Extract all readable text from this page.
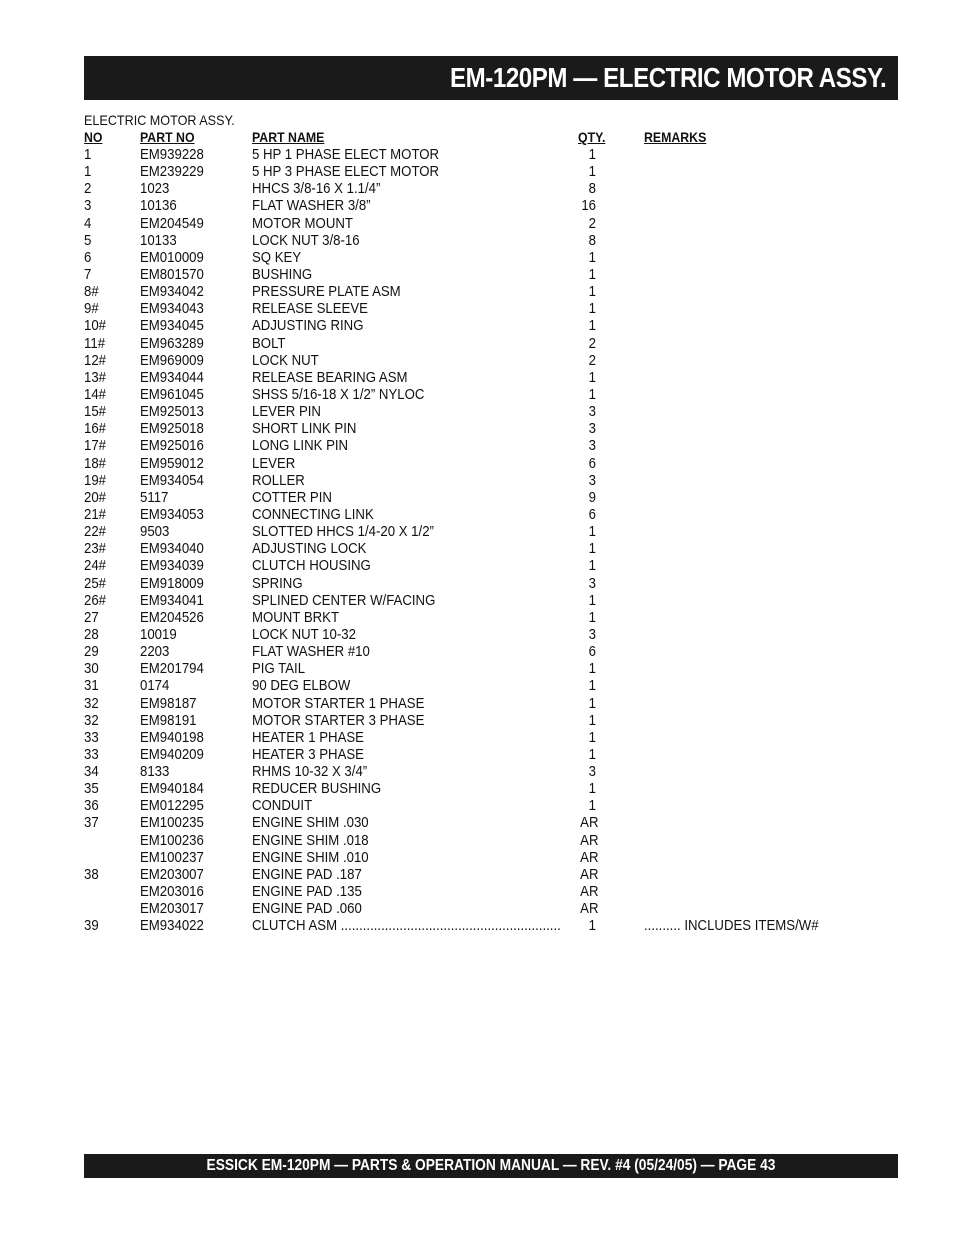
EM-120PM — ELECTRIC MOTOR ASSY.
ELECTRIC MOTOR ASSY.
NO	PART NO	PART NAME	QTY.	REMARKS
1	EM939228	5 HP 1 PHASE ELECT MOTOR	1
1	EM239229	5 HP 3 PHASE ELECT MOTOR	1
2	1023	HHCS 3/8-16 X 1.1/4”	8
3	10136	FLAT WASHER 3/8”	16
4	EM204549	MOTOR MOUNT	2
5	10133	LOCK NUT 3/8-16	8
6	EM010009	SQ KEY	1
7	EM801570	BUSHING	1
8#	EM934042	PRESSURE PLATE ASM	1
9#	EM934043	RELEASE SLEEVE	1
10# EM934045	ADJUSTING RING	1
11# EM963289	BOLT	2
12# EM969009	LOCK NUT	2
13# EM934044	RELEASE BEARING ASM	1
14# EM961045	SHSS 5/16-18 X 1/2” NYLOC	1
15# EM925013	LEVER PIN	3
16# EM925018	SHORT LINK PIN	3
17# EM925016	LONG LINK PIN	3
18# EM959012	LEVER	6
19# EM934054	ROLLER	3
20# 5117	COTTER PIN	9
21# EM934053	CONNECTING LINK	6
22# 9503	SLOTTED HHCS 1/4-20 X 1/2”	1
23# EM934040	ADJUSTING LOCK	1
24# EM934039	CLUTCH HOUSING	1
25# EM918009	SPRING	3
26# EM934041	SPLINED CENTER W/FACING	1
27	EM204526	MOUNT BRKT	1
28	10019	LOCK NUT 10-32	3
29	2203	FLAT WASHER #10	6
30	EM201794	PIG TAIL	1
31	0174	90 DEG ELBOW	1
32	EM98187	MOTOR STARTER 1 PHASE	1
32	EM98191	MOTOR STARTER 3 PHASE	1
33	EM940198	HEATER 1 PHASE	1
33	EM940209	HEATER 3 PHASE	1
34	8133	RHMS 10-32 X 3/4”	3
35	EM940184	REDUCER BUSHING	1
36	EM012295	CONDUIT	1
37	EM100235	ENGINE SHIM .030	AR
EM100236	ENGINE SHIM .018	AR
EM100237	ENGINE SHIM .010	AR
38	EM203007	ENGINE PAD .187	AR
EM203016	ENGINE PAD .135	AR
EM203017	ENGINE PAD .060	AR
39	EM934022	CLUTCH ASM ............................................................	1	.......... INCLUDES ITEMS/W#
ESSICK EM-120PM — PARTS & OPERATION MANUAL — REV. #4 (05/24/05) — PAGE 43
